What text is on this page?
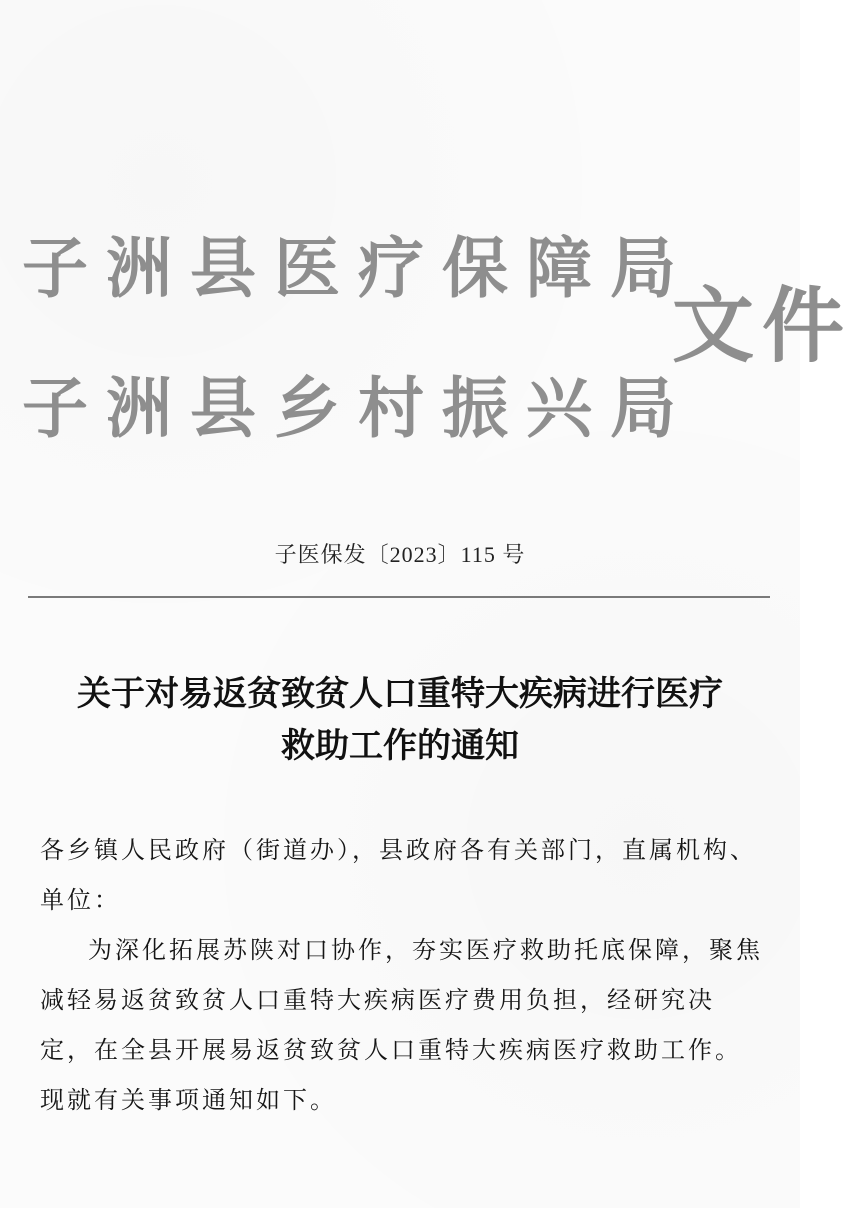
子洲县医疗保障局
子洲县乡村振兴局
文件
子医保发〔2023〕115 号
关于对易返贫致贫人口重特大疾病进行医疗
救助工作的通知
各乡镇人民政府（街道办），县政府各有关部门，直属机构、单位：
为深化拓展苏陕对口协作，夯实医疗救助托底保障，聚焦减轻易返贫致贫人口重特大疾病医疗费用负担，经研究决定，在全县开展易返贫致贫人口重特大疾病医疗救助工作。现就有关事项通知如下。
